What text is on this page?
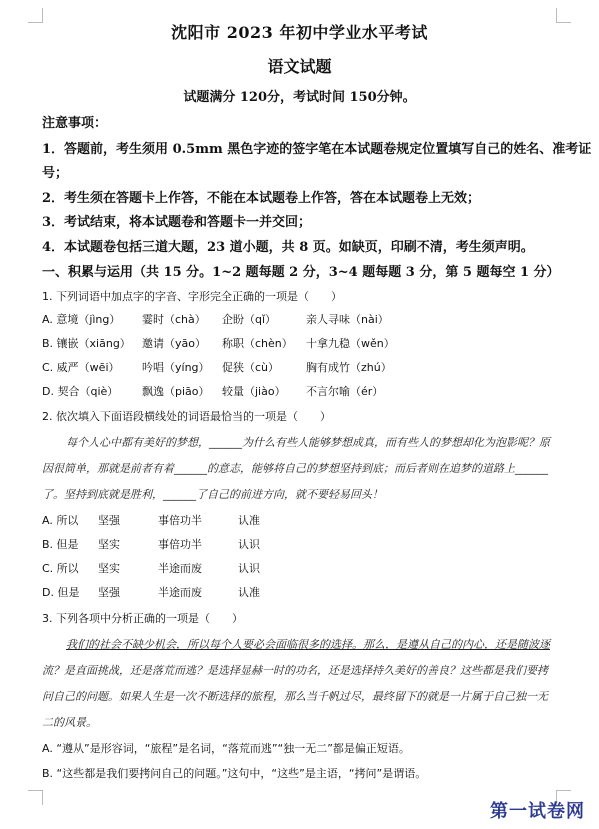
沈阳市 2023 年初中学业水平考试
语文试题
试题满分 120分，考试时间 150分钟。
注意事项：
1．答题前，考生须用 0.5mm 黑色字迹的签字笔在本试题卷规定位置填写自己的姓名、准考证
号；
2．考生须在答题卡上作答，不能在本试题卷上作答，答在本试题卷上无效；
3．考试结束，将本试题卷和答题卡一并交回；
4．本试题卷包括三道大题，23 道小题，共 8 页。如缺页，印刷不清，考生须声明。
一、积累与运用（共 15 分。1~2 题每题 2 分，3~4 题每题 3 分，第 5 题每空 1 分）
1. 下列词语中加点字的字音、字形完全正确的一项是（　　）
A. 意境（jìng） 霎时（chà） 企盼（qǐ）	亲人寻味（nài）
B. 镶嵌（xiāng） 邀请（yāo） 称职（chèn） 十拿九稳（wěn）
C. 威严（wēi） 吟唱（yíng） 促狭（cù） 胸有成竹（zhú）
D. 契合（qiè） 飘逸（piāo） 较量（jiào） 不言尔喻（ér）
2. 依次填入下面语段横线处的词语最恰当的一项是（　　）
每个人心中都有美好的梦想，______为什么有些人能够梦想成真，而有些人的梦想却化为泡影呢？原
因很简单，那就是前者有着______的意志，能够将自己的梦想坚持到底；而后者则在追梦的道路上______
了。坚持到底就是胜利，______了自己的前进方向，就不要轻易回头！
A. 所以 坚强	事倍功半	认准
B. 但是 坚实	事倍功半	认识
C. 所以 坚实	半途而废	认识
D. 但是 坚强	半途而废	认准
3. 下列各项中分析正确的一项是（　　）
我们的社会不缺少机会，所以每个人要必会面临很多的选择。那么，是遵从自己的内心，还是随波逐
流？是直面挑战，还是落荒而逃？是选择显赫一时的功名，还是选择持久美好的善良？这些都是我们要拷
问自己的问题。如果人生是一次不断选择的旅程，那么当千帆过尽，最终留下的就是一片属于自己独一无
二的风景。
A. “遵从”是形容词，“旅程”是名词，“落荒而逃”“独一无二”都是偏正短语。
B. “这些都是我们要拷问自己的问题。”这句中，“这些”是主语，“拷问”是谓语。
第一试卷网
